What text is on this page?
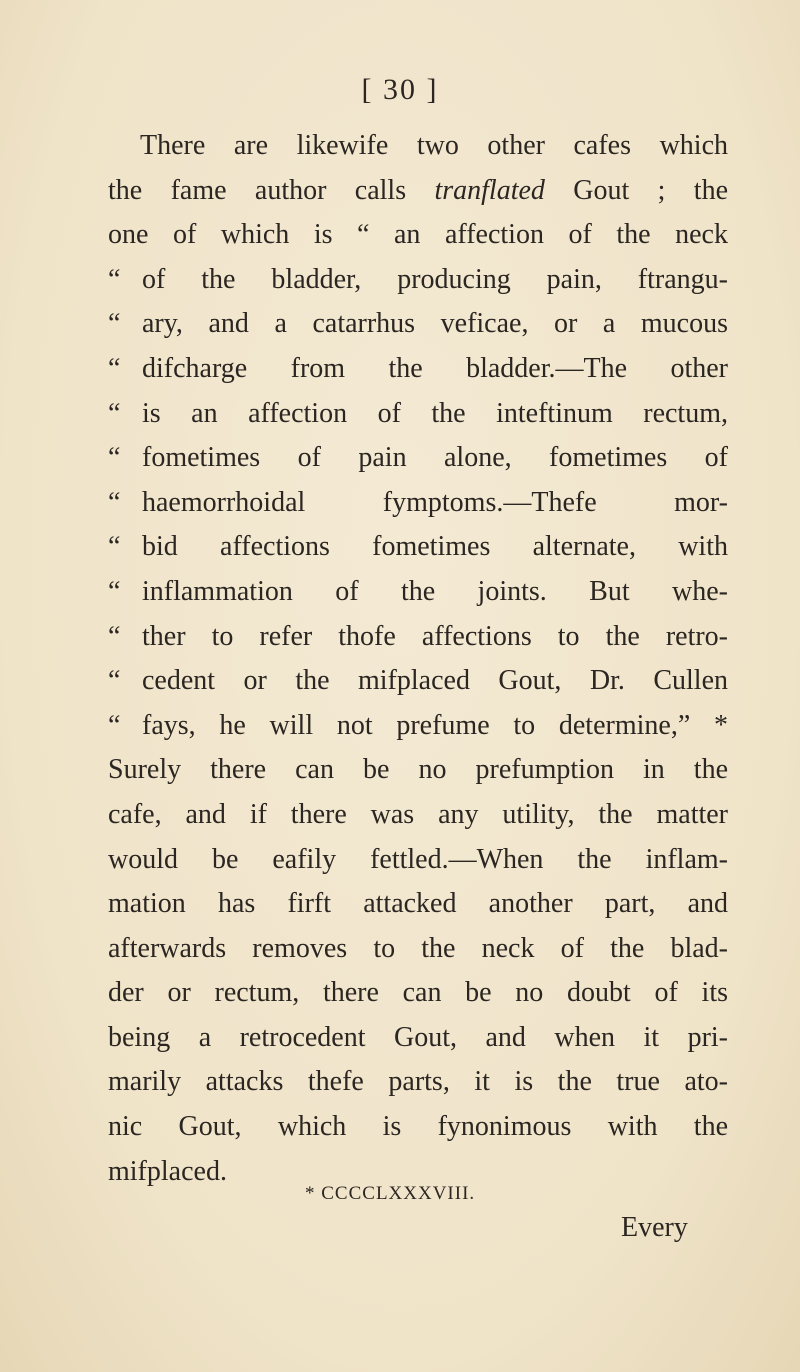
[ 30 ]
There are likewife two other cafes which
the fame author calls tranflated Gout ; the
one of which is “ an affection of the neck
“ of the bladder, producing pain, ftrangu-
“ ary, and a catarrhus veficae, or a mucous
“ difcharge from the bladder.—The other
“ is an affection of the inteftinum rectum,
“ fometimes of pain alone, fometimes of
“ haemorrhoidal fymptoms.—Thefe mor-
“ bid affections fometimes alternate, with
“ inflammation of the joints. But whe-
“ ther to refer thofe affections to the retro-
“ cedent or the mifplaced Gout, Dr. Cullen
“ fays, he will not prefume to determine,” *
Surely there can be no prefumption in the
cafe, and if there was any utility, the matter
would be eafily fettled.—When the inflam-
mation has firft attacked another part, and
afterwards removes to the neck of the blad-
der or rectum, there can be no doubt of its
being a retrocedent Gout, and when it pri-
marily attacks thefe parts, it is the true ato-
nic Gout, which is fynonimous with the
mifplaced.
* CCCCLXXXVIII.
Every
